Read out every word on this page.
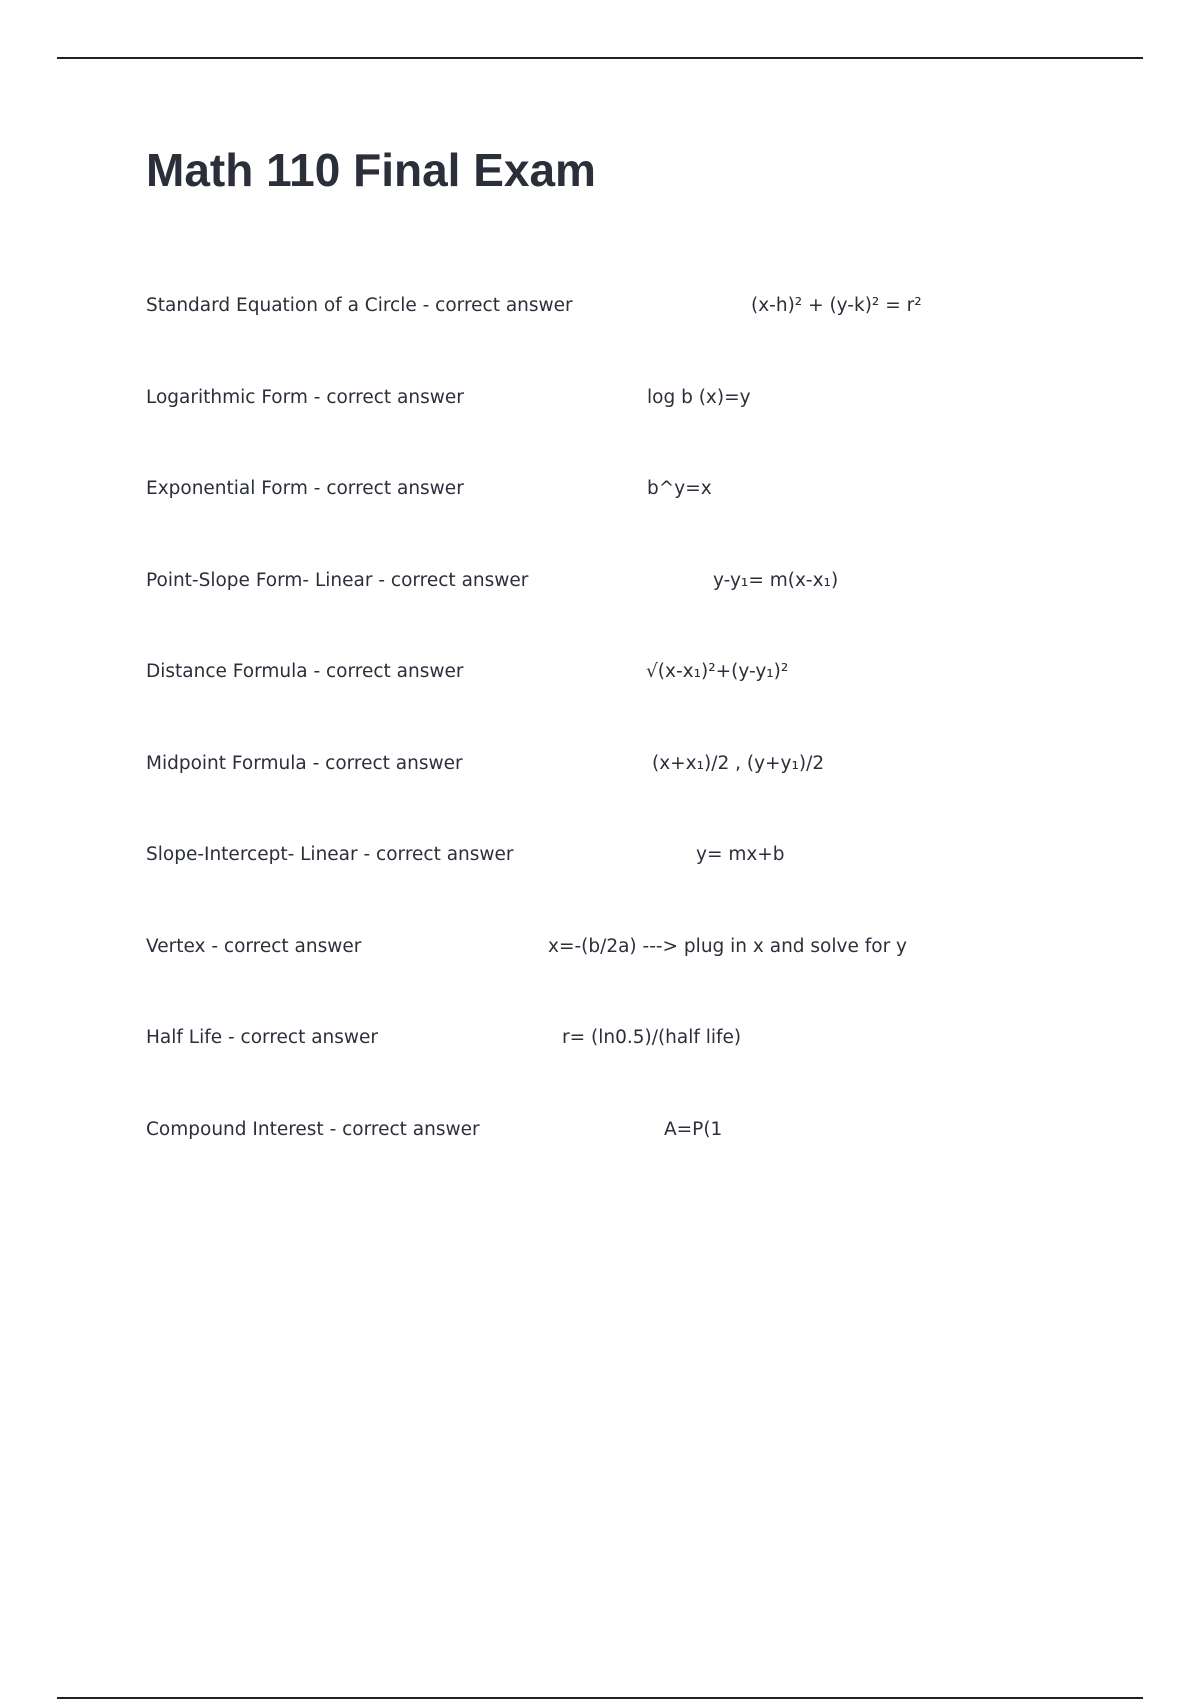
Math 110 Final Exam
Standard Equation of a Circle - correct answer	(x-h)² + (y-k)² = r²
Logarithmic Form - correct answer	log b (x)=y
Exponential Form - correct answer	b^y=x
Point-Slope Form- Linear - correct answer	y-y₁= m(x-x₁)
Distance Formula - correct answer	√(x-x₁)²+(y-y₁)²
Midpoint Formula - correct answer	(x+x₁)/2 , (y+y₁)/2
Slope-Intercept- Linear - correct answer	y= mx+b
Vertex - correct answer	x=-(b/2a) ---> plug in x and solve for y
Half Life - correct answer	r= (ln0.5)/(half life)
Compound Interest - correct answer	A=P(1
